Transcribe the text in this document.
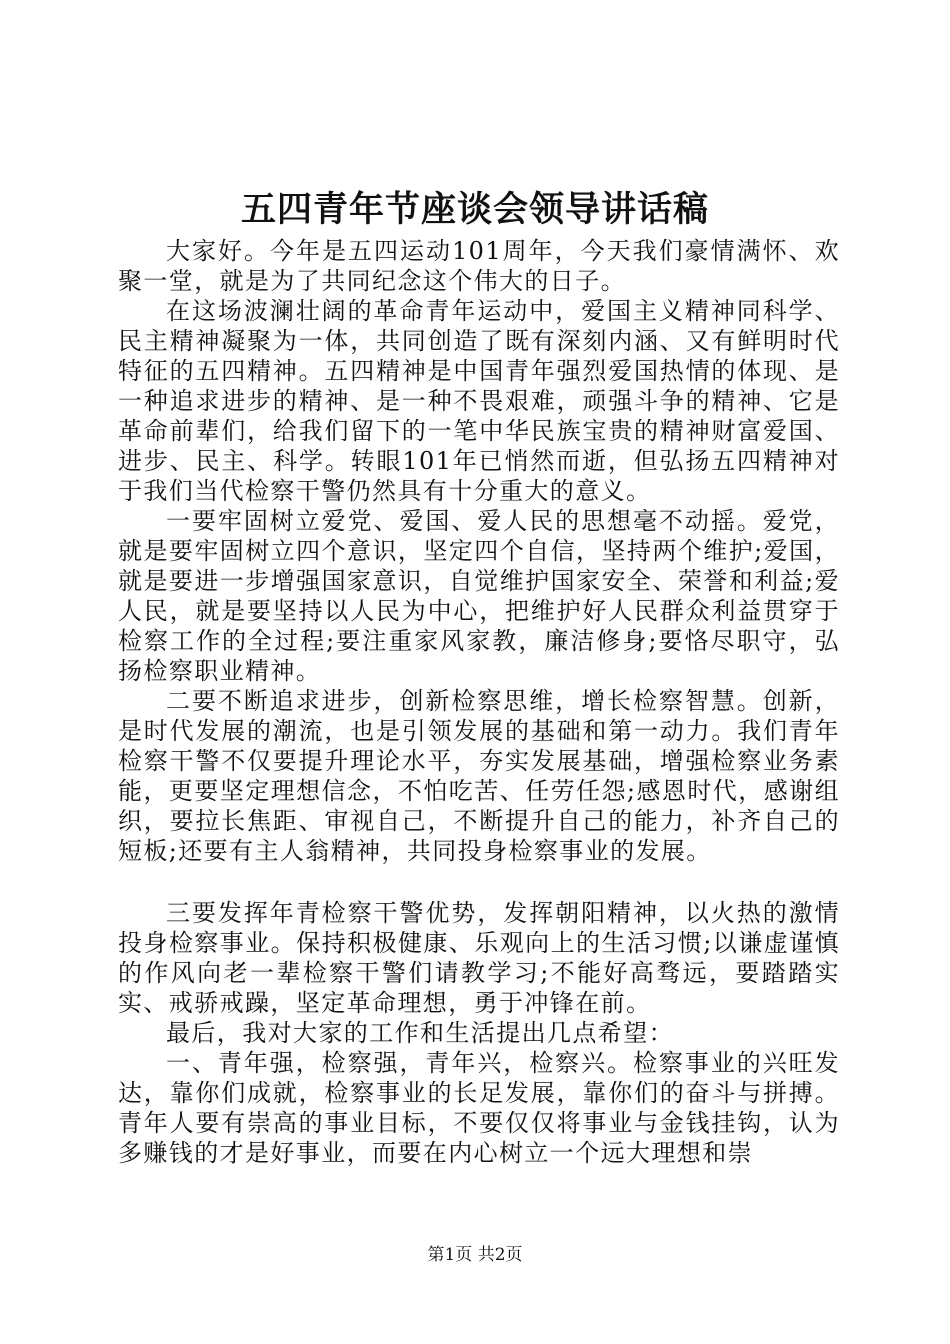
五四青年节座谈会领导讲话稿

大家好。今年是五四运动101周年，今天我们豪情满怀、欢聚一堂，就是为了共同纪念这个伟大的日子。

在这场波澜壮阔的革命青年运动中，爱国主义精神同科学、民主精神凝聚为一体，共同创造了既有深刻内涵、又有鲜明时代特征的五四精神。五四精神是中国青年强烈爱国热情的体现、是一种追求进步的精神、是一种不畏艰难，顽强斗争的精神、它是革命前辈们，给我们留下的一笔中华民族宝贵的精神财富爱国、进步、民主、科学。转眼101年已悄然而逝，但弘扬五四精神对于我们当代检察干警仍然具有十分重大的意义。

一要牢固树立爱党、爱国、爱人民的思想毫不动摇。爱党，就是要牢固树立四个意识，坚定四个自信，坚持两个维护;爱国，就是要进一步增强国家意识，自觉维护国家安全、荣誉和利益;爱人民，就是要坚持以人民为中心，把维护好人民群众利益贯穿于检察工作的全过程;要注重家风家教，廉洁修身;要恪尽职守，弘扬检察职业精神。

二要不断追求进步，创新检察思维，增长检察智慧。创新，是时代发展的潮流，也是引领发展的基础和第一动力。我们青年检察干警不仅要提升理论水平，夯实发展基础，增强检察业务素能，更要坚定理想信念，不怕吃苦、任劳任怨;感恩时代，感谢组织，要拉长焦距、审视自己，不断提升自己的能力，补齐自己的短板;还要有主人翁精神，共同投身检察事业的发展。

三要发挥年青检察干警优势，发挥朝阳精神，以火热的激情投身检察事业。保持积极健康、乐观向上的生活习惯;以谦虚谨慎的作风向老一辈检察干警们请教学习;不能好高骛远，要踏踏实实、戒骄戒躁，坚定革命理想，勇于冲锋在前。

最后，我对大家的工作和生活提出几点希望：

一、青年强，检察强，青年兴，检察兴。检察事业的兴旺发达，靠你们成就，检察事业的长足发展，靠你们的奋斗与拼搏。青年人要有崇高的事业目标，不要仅仅将事业与金钱挂钩，认为多赚钱的才是好事业，而要在内心树立一个远大理想和崇

第1页 共2页
